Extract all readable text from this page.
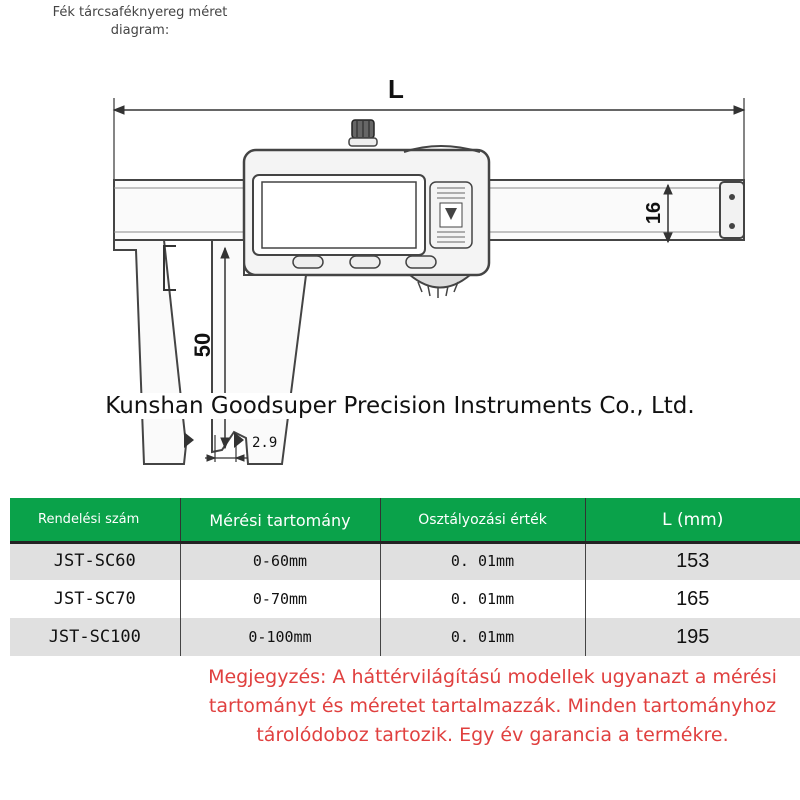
Fék tárcsaféknyereg méret diagram:
L
16
50
2.9
Kunshan Goodsuper Precision Instruments Co., Ltd.
Rendelési szám	Mérési tartomány	Osztályozási érték	L (mm)
JST-SC60	0-60mm	0. 01mm	153
JST-SC70	0-70mm	0. 01mm	165
JST-SC100	0-100mm	0. 01mm	195
Megjegyzés: A háttérvilágítású modellek ugyanazt a mérési tartományt és méretet tartalmazzák. Minden tartományhoz tárolódoboz tartozik. Egy év garancia a termékre.
